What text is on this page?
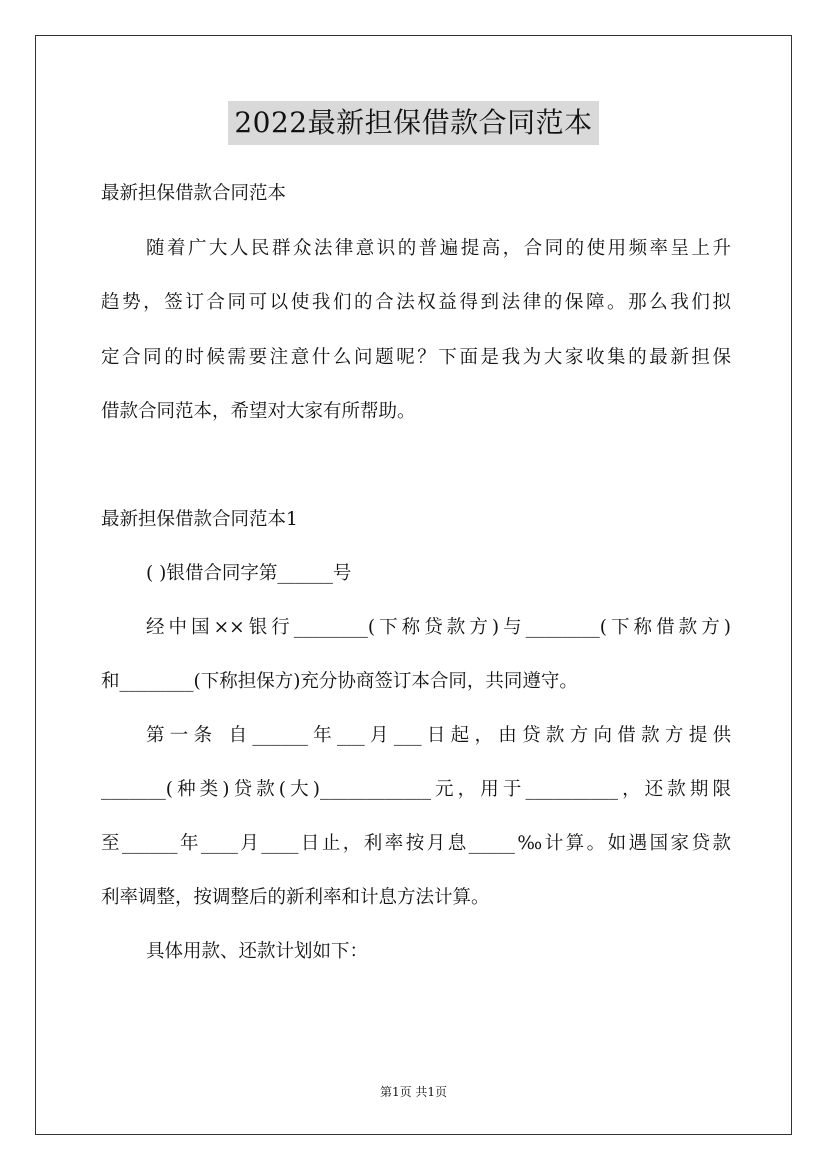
2022最新担保借款合同范本
最新担保借款合同范本
随着广大人民群众法律意识的普遍提高，合同的使用频率呈上升
趋势，签订合同可以使我们的合法权益得到法律的保障。那么我们拟
定合同的时候需要注意什么问题呢？下面是我为大家收集的最新担保
借款合同范本，希望对大家有所帮助。
最新担保借款合同范本1
( )银借合同字第______号
经中国××银行________(下称贷款方)与________(下称借款方)
和________(下称担保方)充分协商签订本合同，共同遵守。
第一条 自______年___月___日起，由贷款方向借款方提供
_______(种类)贷款(大)____________元，用于__________，还款期限
至______年____月____日止，利率按月息_____‰计算。如遇国家贷款
利率调整，按调整后的新利率和计息方法计算。
具体用款、还款计划如下：
第1页 共1页
